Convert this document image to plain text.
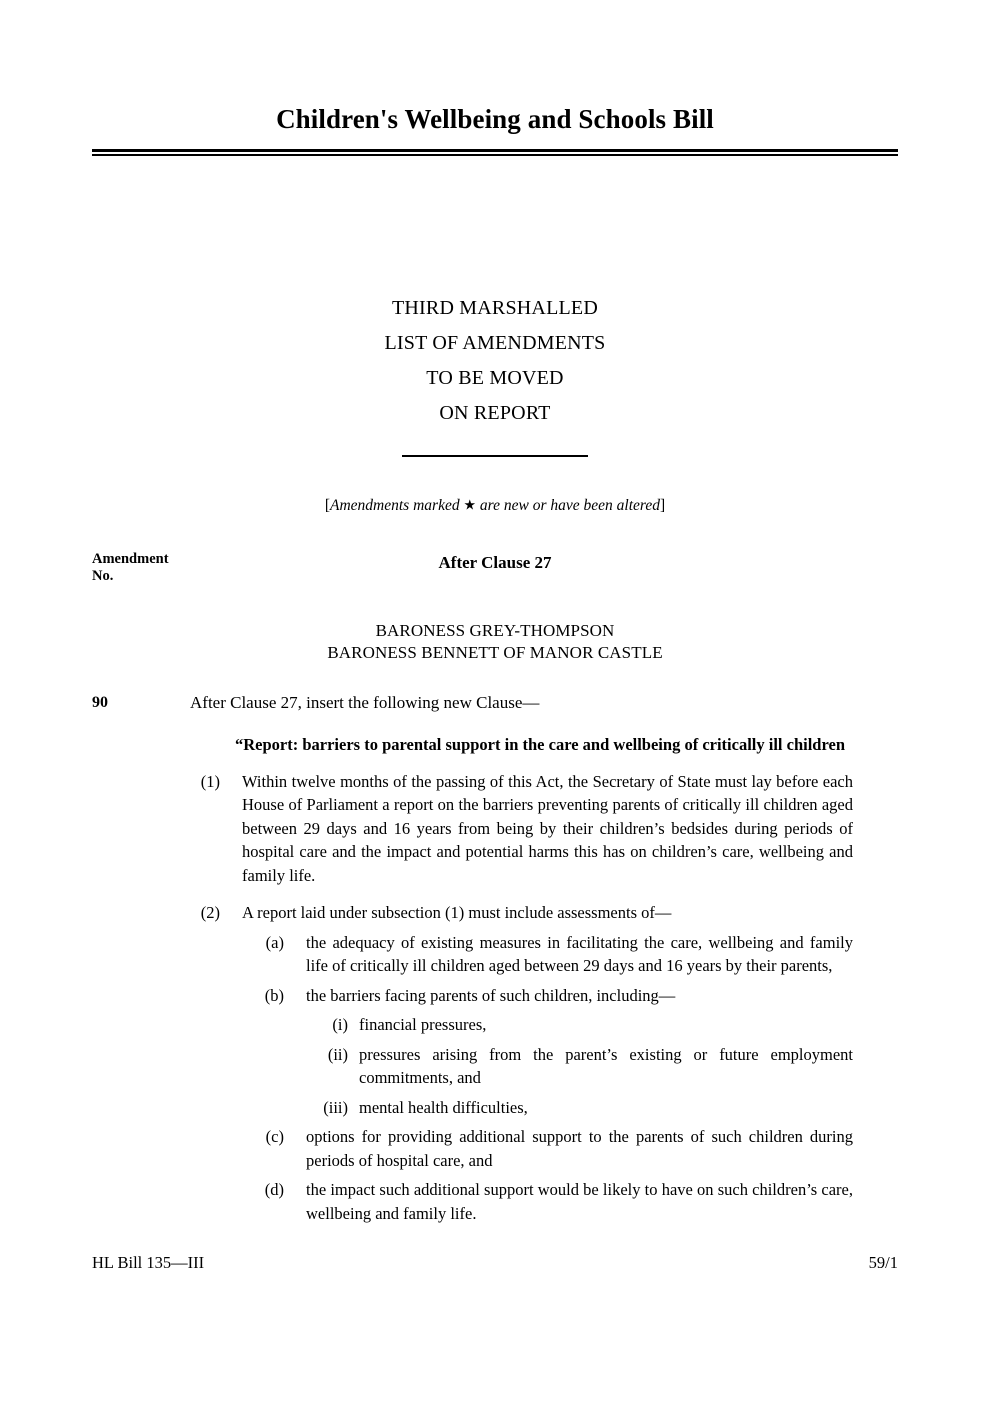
Children's Wellbeing and Schools Bill
THIRD MARSHALLED
LIST OF AMENDMENTS
TO BE MOVED
ON REPORT
[Amendments marked ★ are new or have been altered]
Amendment
No.
After Clause 27
BARONESS GREY-THOMPSON
BARONESS BENNETT OF MANOR CASTLE
90	After Clause 27, insert the following new Clause—
“Report: barriers to parental support in the care and wellbeing of critically ill children
(1) Within twelve months of the passing of this Act, the Secretary of State must lay before each House of Parliament a report on the barriers preventing parents of critically ill children aged between 29 days and 16 years from being by their children’s bedsides during periods of hospital care and the impact and potential harms this has on children’s care, wellbeing and family life.
(2) A report laid under subsection (1) must include assessments of—
(a) the adequacy of existing measures in facilitating the care, wellbeing and family life of critically ill children aged between 29 days and 16 years by their parents,
(b) the barriers facing parents of such children, including—
(i) financial pressures,
(ii) pressures arising from the parent’s existing or future employment commitments, and
(iii) mental health difficulties,
(c) options for providing additional support to the parents of such children during periods of hospital care, and
(d) the impact such additional support would be likely to have on such children’s care, wellbeing and family life.
HL Bill 135—III	59/1
